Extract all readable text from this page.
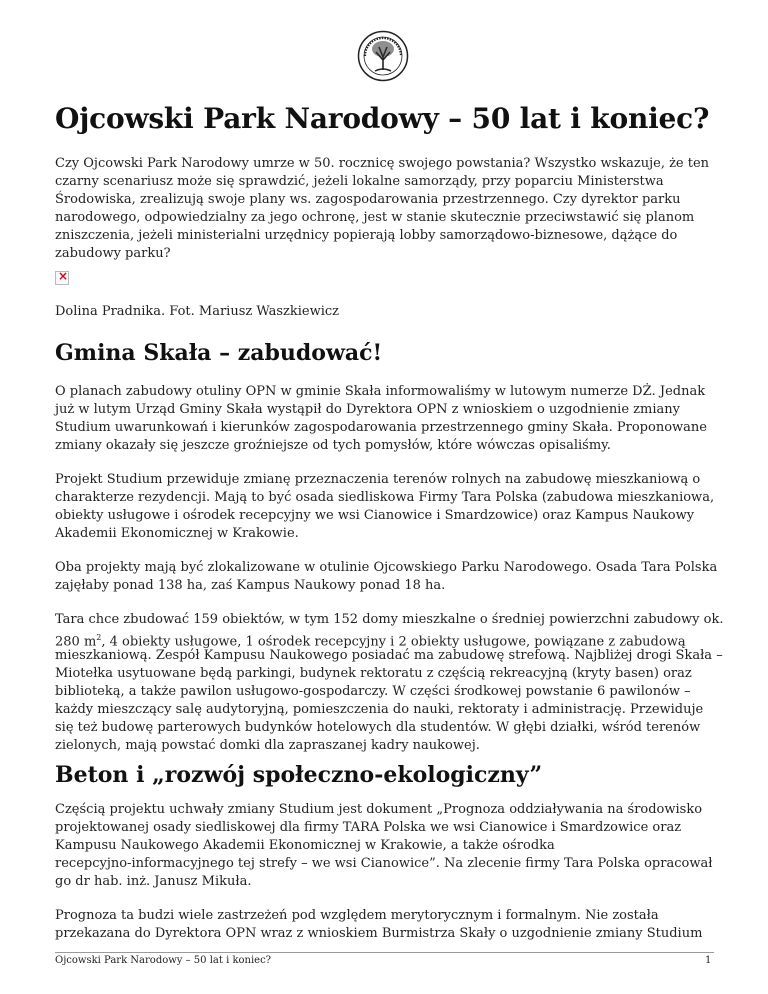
Ojcowski Park Narodowy – 50 lat i koniec?

Czy Ojcowski Park Narodowy umrze w 50. rocznicę swojego powstania? Wszystko wskazuje, że ten

czarny scenariusz może się sprawdzić, jeżeli lokalne samorządy, przy poparciu Ministerstwa

Środowiska, zrealizują swoje plany ws. zagospodarowania przestrzennego. Czy dyrektor parku

narodowego, odpowiedzialny za jego ochronę, jest w stanie skutecznie przeciwstawić się planom

zniszczenia, jeżeli ministerialni urzędnicy popierają lobby samorządowo-biznesowe, dążące do

zabudowy parku?

×

Dolina Pradnika. Fot. Mariusz Waszkiewicz

Gmina Skała – zabudować!

O planach zabudowy otuliny OPN w gminie Skała informowaliśmy w lutowym numerze DŻ. Jednak

już w lutym Urząd Gminy Skała wystąpił do Dyrektora OPN z wnioskiem o uzgodnienie zmiany

Studium uwarunkowań i kierunków zagospodarowania przestrzennego gminy Skała. Proponowane

zmiany okazały się jeszcze groźniejsze od tych pomysłów, które wówczas opisaliśmy.

Projekt Studium przewiduje zmianę przeznaczenia terenów rolnych na zabudowę mieszkaniową o

charakterze rezydencji. Mają to być osada siedliskowa Firmy Tara Polska (zabudowa mieszkaniowa,

obiekty usługowe i ośrodek recepcyjny we wsi Cianowice i Smardzowice) oraz Kampus Naukowy

Akademii Ekonomicznej w Krakowie.

Oba projekty mają być zlokalizowane w otulinie Ojcowskiego Parku Narodowego. Osada Tara Polska

zajęłaby ponad 138 ha, zaś Kampus Naukowy ponad 18 ha.

Tara chce zbudować 159 obiektów, w tym 152 domy mieszkalne o średniej powierzchni zabudowy ok.

280 $m^2$, 4 obiekty usługowe, 1 ośrodek recepcyjny i 2 obiekty usługowe, powiązane z zabudową

mieszkaniową. Zespół Kampusu Naukowego posiadać ma zabudowę strefową. Najbliżej drogi Skała –

Miotełka usytuowane będą parkingi, budynek rektoratu z częścią rekreacyjną (kryty basen) oraz

biblioteką, a także pawilon usługowo-gospodarczy. W części środkowej powstanie 6 pawilonów –

każdy mieszczący salę audytoryjną, pomieszczenia do nauki, rektoraty i administrację. Przewiduje

się też budowę parterowych budynków hotelowych dla studentów. W głębi działki, wśród terenów

zielonych, mają powstać domki dla zapraszanej kadry naukowej.

Beton i „rozwój społeczno-ekologiczny”

Częścią projektu uchwały zmiany Studium jest dokument „Prognoza oddziaływania na środowisko

projektowanej osady siedliskowej dla firmy TARA Polska we wsi Cianowice i Smardzowice oraz

Kampusu Naukowego Akademii Ekonomicznej w Krakowie, a także ośrodka

recepcyjno-informacyjnego tej strefy – we wsi Cianowice”. Na zlecenie firmy Tara Polska opracował

go dr hab. inż. Janusz Mikuła.

Prognoza ta budzi wiele zastrzeżeń pod względem merytorycznym i formalnym. Nie została

przekazana do Dyrektora OPN wraz z wnioskiem Burmistrza Skały o uzgodnienie zmiany Studium

Ojcowski Park Narodowy – 50 lat i koniec?	1
